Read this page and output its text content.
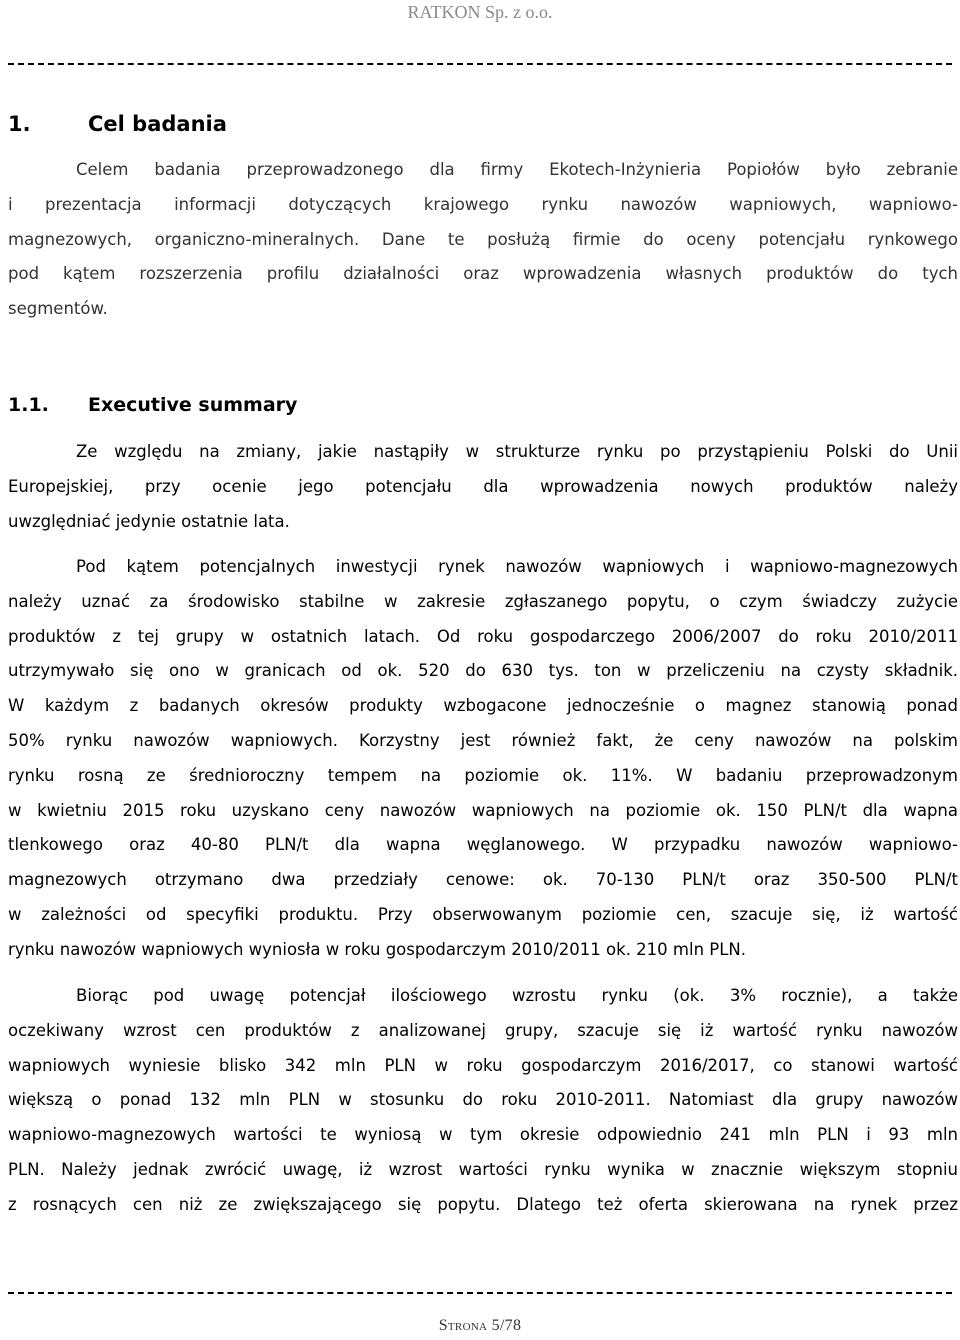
RATKON Sp. z o.o.
1.	Cel badania
Celem badania przeprowadzonego dla firmy Ekotech-Inżynieria Popiołów było zebranie
i prezentacja informacji dotyczących krajowego rynku nawozów wapniowych, wapniowo-
magnezowych, organiczno-mineralnych. Dane te posłużą firmie do oceny potencjału rynkowego
pod kątem rozszerzenia profilu działalności oraz wprowadzenia własnych produktów do tych
segmentów.
1.1. Executive summary
Ze względu na zmiany, jakie nastąpiły w strukturze rynku po przystąpieniu Polski do Unii
Europejskiej, przy ocenie jego potencjału dla wprowadzenia nowych produktów należy
uwzględniać jedynie ostatnie lata.
Pod kątem potencjalnych inwestycji rynek nawozów wapniowych i wapniowo-magnezowych
należy uznać za środowisko stabilne w zakresie zgłaszanego popytu, o czym świadczy zużycie
produktów z tej grupy w ostatnich latach. Od roku gospodarczego 2006/2007 do roku 2010/2011
utrzymywało się ono w granicach od ok. 520 do 630 tys. ton w przeliczeniu na czysty składnik.
W każdym z badanych okresów produkty wzbogacone jednocześnie o magnez stanowią ponad
50% rynku nawozów wapniowych. Korzystny jest również fakt, że ceny nawozów na polskim
rynku rosną ze średnioroczny tempem na poziomie ok. 11%. W badaniu przeprowadzonym
w kwietniu 2015 roku uzyskano ceny nawozów wapniowych na poziomie ok. 150 PLN/t dla wapna
tlenkowego oraz 40-80 PLN/t dla wapna węglanowego. W przypadku nawozów wapniowo-
magnezowych otrzymano dwa przedziały cenowe: ok. 70-130 PLN/t oraz 350-500 PLN/t
w zależności od specyfiki produktu. Przy obserwowanym poziomie cen, szacuje się, iż wartość
rynku nawozów wapniowych wyniosła w roku gospodarczym 2010/2011 ok. 210 mln PLN.
Biorąc pod uwagę potencjał ilościowego wzrostu rynku (ok. 3% rocznie), a także
oczekiwany wzrost cen produktów z analizowanej grupy, szacuje się iż wartość rynku nawozów
wapniowych wyniesie blisko 342 mln PLN w roku gospodarczym 2016/2017, co stanowi wartość
większą o ponad 132 mln PLN w stosunku do roku 2010-2011. Natomiast dla grupy nawozów
wapniowo-magnezowych wartości te wyniosą w tym okresie odpowiednio 241 mln PLN i 93 mln
PLN. Należy jednak zwrócić uwagę, iż wzrost wartości rynku wynika w znacznie większym stopniu
z rosnących cen niż ze zwiększającego się popytu. Dlatego też oferta skierowana na rynek przez
Strona 5/78
